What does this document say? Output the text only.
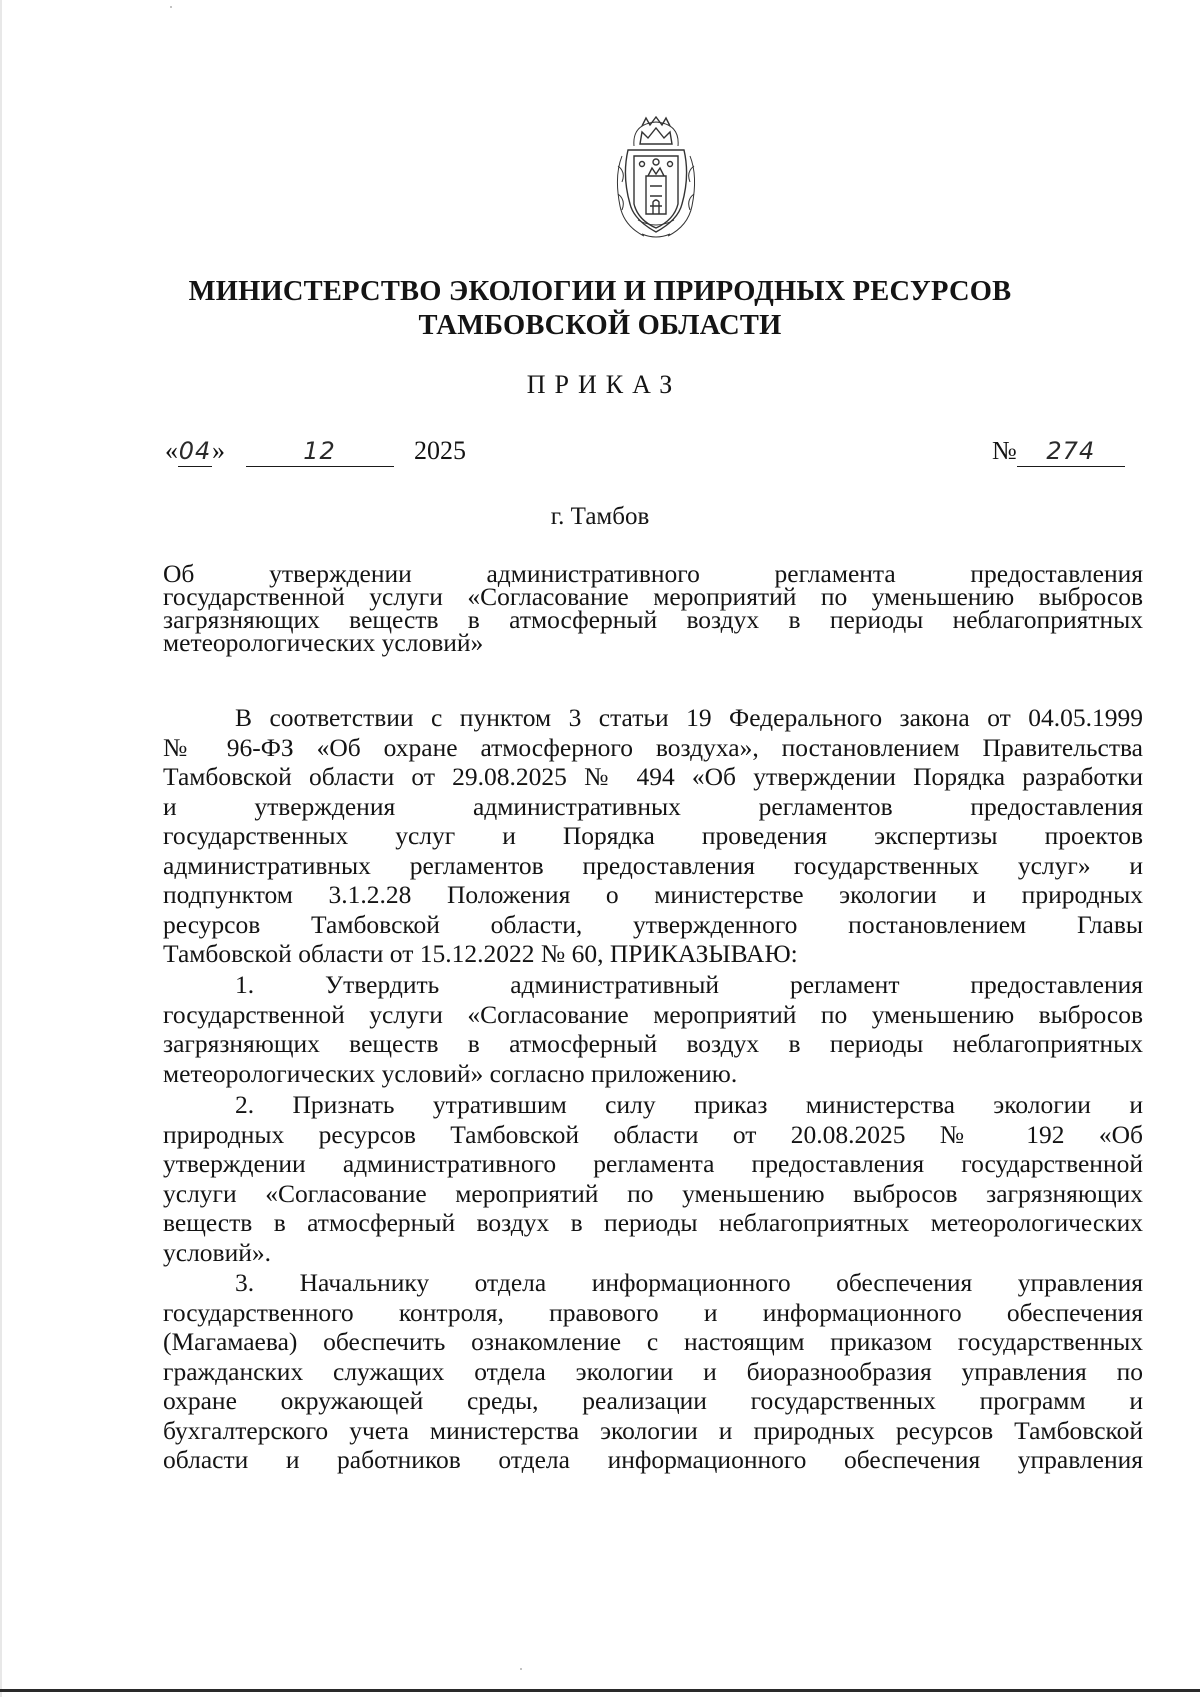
МИНИСТЕРСТВО ЭКОЛОГИИ И ПРИРОДНЫХ РЕСУРСОВ
ТАМБОВСКОЙ ОБЛАСТИ
ПРИКАЗ
«04»	12	2025	№ 274
г. Тамбов
Об утверждении административного регламента предоставления
государственной услуги «Согласование мероприятий по уменьшению выбросов
загрязняющих веществ в атмосферный воздух в периоды неблагоприятных
метеорологических условий»
В соответствии с пунктом 3 статьи 19 Федерального закона от 04.05.1999
№ 96-ФЗ «Об охране атмосферного воздуха», постановлением Правительства
Тамбовской области от 29.08.2025 № 494 «Об утверждении Порядка разработки
и утверждения административных регламентов предоставления
государственных услуг и Порядка проведения экспертизы проектов
административных регламентов предоставления государственных услуг» и
подпунктом 3.1.2.28 Положения о министерстве экологии и природных
ресурсов Тамбовской области, утвержденного постановлением Главы
Тамбовской области от 15.12.2022 № 60, ПРИКАЗЫВАЮ:
1. Утвердить административный регламент предоставления
государственной услуги «Согласование мероприятий по уменьшению выбросов
загрязняющих веществ в атмосферный воздух в периоды неблагоприятных
метеорологических условий» согласно приложению.
2. Признать утратившим силу приказ министерства экологии и
природных ресурсов Тамбовской области от 20.08.2025 № 192 «Об
утверждении административного регламента предоставления государственной
услуги «Согласование мероприятий по уменьшению выбросов загрязняющих
веществ в атмосферный воздух в периоды неблагоприятных метеорологических
условий».
3. Начальнику отдела информационного обеспечения управления
государственного контроля, правового и информационного обеспечения
(Магамаева) обеспечить ознакомление с настоящим приказом государственных
гражданских служащих отдела экологии и биоразнообразия управления по
охране окружающей среды, реализации государственных программ и
бухгалтерского учета министерства экологии и природных ресурсов Тамбовской
области и работников отдела информационного обеспечения управления
